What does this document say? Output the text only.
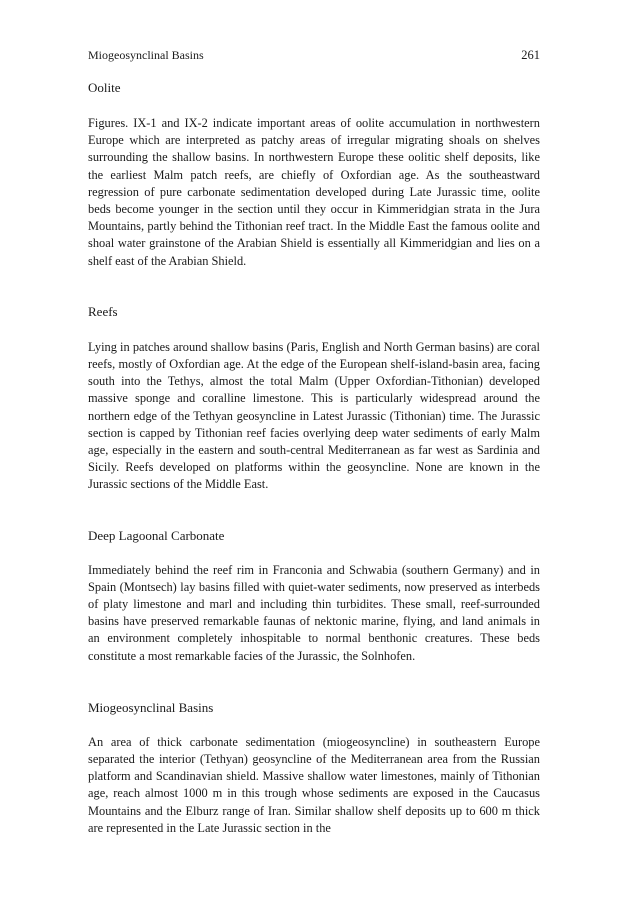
Miogeosynclinal Basins	261
Oolite

Figures. IX-1 and IX-2 indicate important areas of oolite accumulation in northwestern Europe which are interpreted as patchy areas of irregular migrating shoals on shelves surrounding the shallow basins. In northwestern Europe these oolitic shelf deposits, like the earliest Malm patch reefs, are chiefly of Oxfordian age. As the southeastward regression of pure carbonate sedimentation developed during Late Jurassic time, oolite beds become younger in the section until they occur in Kimmeridgian strata in the Jura Mountains, partly behind the Tithonian reef tract. In the Middle East the famous oolite and shoal water grainstone of the Arabian Shield is essentially all Kimmeridgian and lies on a shelf east of the Arabian Shield.

Reefs

Lying in patches around shallow basins (Paris, English and North German basins) are coral reefs, mostly of Oxfordian age. At the edge of the European shelf-island-basin area, facing south into the Tethys, almost the total Malm (Upper Oxfordian-Tithonian) developed massive sponge and coralline limestone. This is particularly widespread around the northern edge of the Tethyan geosyncline in Latest Jurassic (Tithonian) time. The Jurassic section is capped by Tithonian reef facies overlying deep water sediments of early Malm age, especially in the eastern and south-central Mediterranean as far west as Sardinia and Sicily. Reefs developed on platforms within the geosyncline. None are known in the Jurassic sections of the Middle East.

Deep Lagoonal Carbonate

Immediately behind the reef rim in Franconia and Schwabia (southern Germany) and in Spain (Montsech) lay basins filled with quiet-water sediments, now preserved as interbeds of platy limestone and marl and including thin turbidites. These small, reef-surrounded basins have preserved remarkable faunas of nektonic marine, flying, and land animals in an environment completely inhospitable to normal benthonic creatures. These beds constitute a most remarkable facies of the Jurassic, the Solnhofen.

Miogeosynclinal Basins

An area of thick carbonate sedimentation (miogeosyncline) in southeastern Europe separated the interior (Tethyan) geosyncline of the Mediterranean area from the Russian platform and Scandinavian shield. Massive shallow water limestones, mainly of Tithonian age, reach almost 1000 m in this trough whose sediments are exposed in the Caucasus Mountains and the Elburz range of Iran. Similar shallow shelf deposits up to 600 m thick are represented in the Late Jurassic section in the
